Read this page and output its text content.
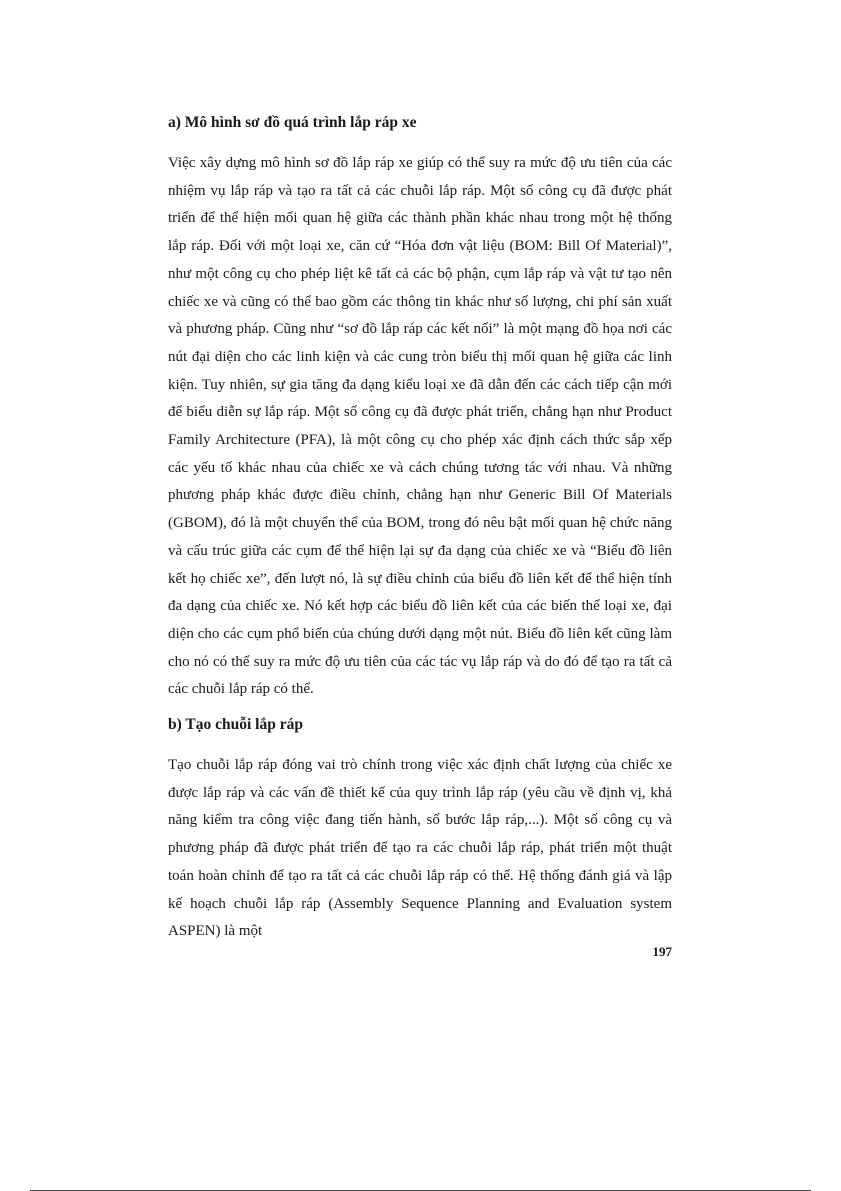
a) Mô hình sơ đồ quá trình lắp ráp xe

Việc xây dựng mô hình sơ đồ lắp ráp xe giúp có thể suy ra mức độ ưu tiên của các nhiệm vụ lắp ráp và tạo ra tất cả các chuỗi lắp ráp. Một số công cụ đã được phát triển để thể hiện mối quan hệ giữa các thành phần khác nhau trong một hệ thống lắp ráp. Đối với một loại xe, căn cứ “Hóa đơn vật liệu (BOM: Bill Of Material)”, như một công cụ cho phép liệt kê tất cả các bộ phận, cụm lắp ráp và vật tư tạo nên chiếc xe và cũng có thể bao gồm các thông tin khác như số lượng, chi phí sản xuất và phương pháp. Cũng như “sơ đồ lắp ráp các kết nối” là một mạng đồ họa nơi các nút đại diện cho các linh kiện và các cung tròn biểu thị mối quan hệ giữa các linh kiện. Tuy nhiên, sự gia tăng đa dạng kiểu loại xe đã dẫn đến các cách tiếp cận mới để biểu diễn sự lắp ráp. Một số công cụ đã được phát triển, chẳng hạn như Product Family Architecture (PFA), là một công cụ cho phép xác định cách thức sắp xếp các yếu tố khác nhau của chiếc xe và cách chúng tương tác với nhau. Và những phương pháp khác được điều chỉnh, chẳng hạn như Generic Bill Of Materials (GBOM), đó là một chuyển thể của BOM, trong đó nêu bật mối quan hệ chức năng và cấu trúc giữa các cụm để thể hiện lại sự đa dạng của chiếc xe và “Biểu đồ liên kết họ chiếc xe”, đến lượt nó, là sự điều chỉnh của biểu đồ liên kết để thể hiện tính đa dạng của chiếc xe. Nó kết hợp các biểu đồ liên kết của các biến thể loại xe, đại diện cho các cụm phổ biến của chúng dưới dạng một nút. Biểu đồ liên kết cũng làm cho nó có thể suy ra mức độ ưu tiên của các tác vụ lắp ráp và do đó để tạo ra tất cả các chuỗi lắp ráp có thể.

b) Tạo chuỗi lắp ráp

Tạo chuỗi lắp ráp đóng vai trò chính trong việc xác định chất lượng của chiếc xe được lắp ráp và các vấn đề thiết kế của quy trình lắp ráp (yêu cầu về định vị, khả năng kiểm tra công việc đang tiến hành, số bước lắp ráp,...). Một số công cụ và phương pháp đã được phát triển để tạo ra các chuỗi lắp ráp, phát triển một thuật toán hoàn chỉnh để tạo ra tất cả các chuỗi lắp ráp có thể. Hệ thống đánh giá và lập kế hoạch chuỗi lắp ráp (Assembly Sequence Planning and Evaluation system ASPEN) là một

197
